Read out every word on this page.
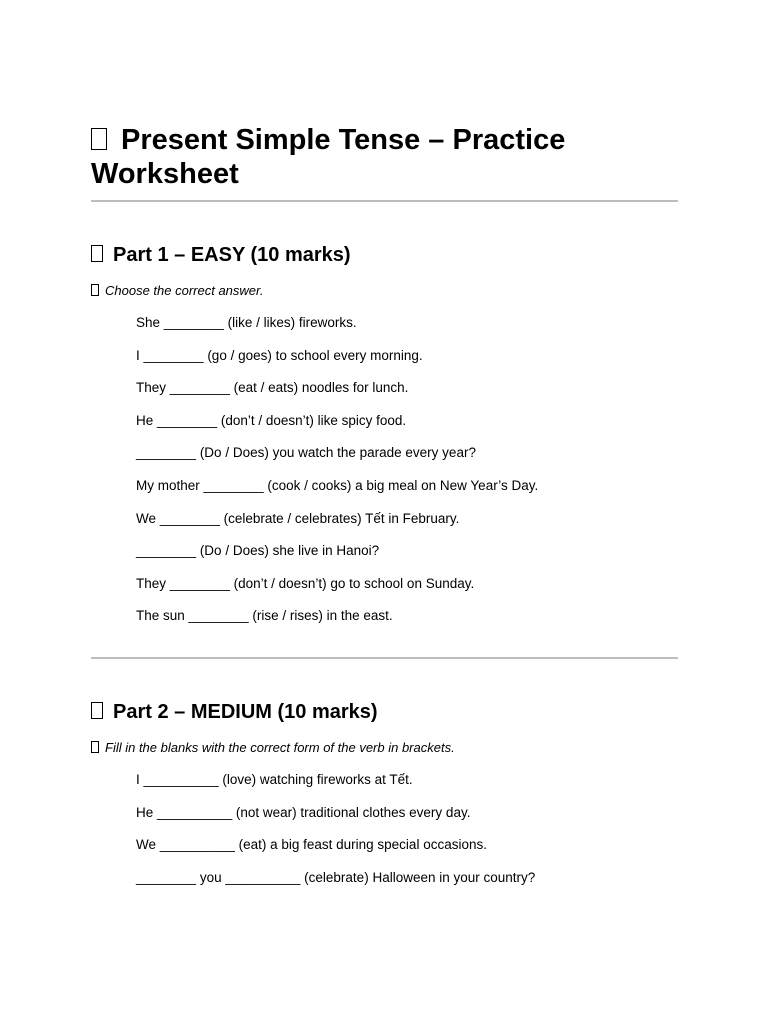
Present Simple Tense – Practice Worksheet
Part 1 – EASY (10 marks)
Choose the correct answer.
She ________ (like / likes) fireworks.
I ________ (go / goes) to school every morning.
They ________ (eat / eats) noodles for lunch.
He ________ (don’t / doesn’t) like spicy food.
________ (Do / Does) you watch the parade every year?
My mother ________ (cook / cooks) a big meal on New Year’s Day.
We ________ (celebrate / celebrates) Tết in February.
________ (Do / Does) she live in Hanoi?
They ________ (don’t / doesn’t) go to school on Sunday.
The sun ________ (rise / rises) in the east.
Part 2 – MEDIUM (10 marks)
Fill in the blanks with the correct form of the verb in brackets.
I __________ (love) watching fireworks at Tết.
He __________ (not wear) traditional clothes every day.
We __________ (eat) a big feast during special occasions.
________ you __________ (celebrate) Halloween in your country?
